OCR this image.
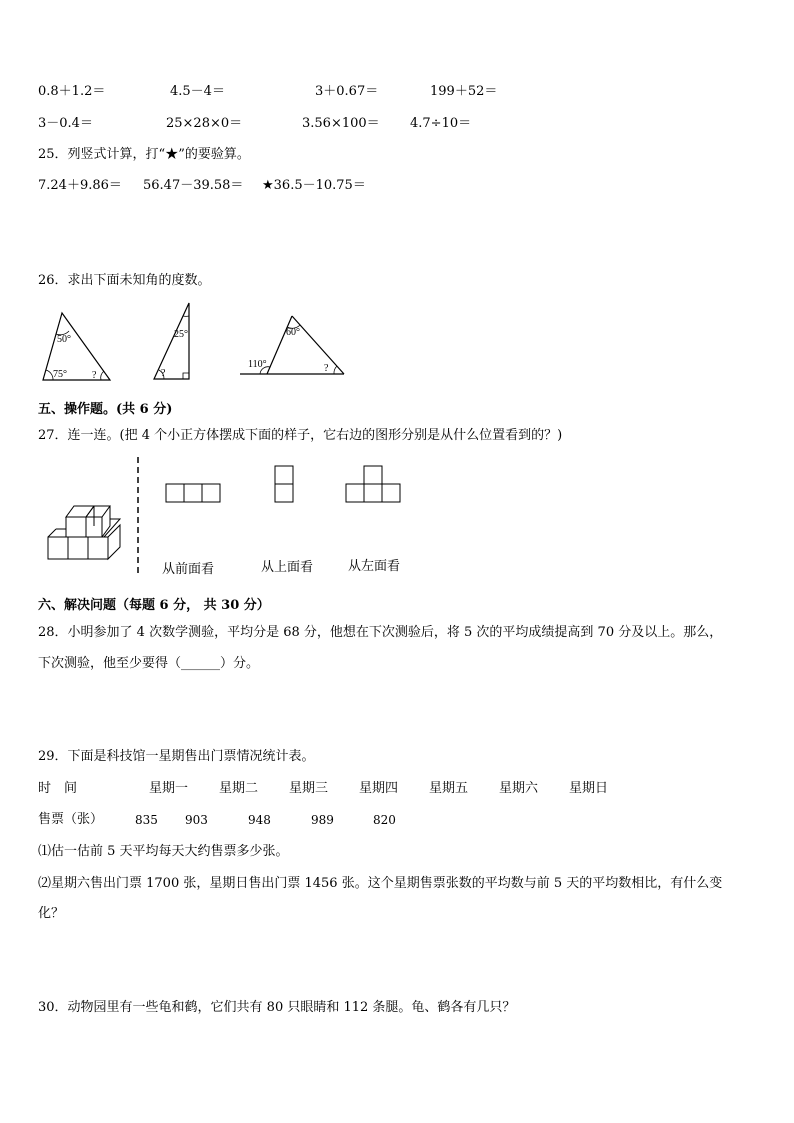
0.8＋1.2＝	4.5－4＝	3＋0.67＝	199＋52＝
3－0.4＝	25×28×0＝	3.56×100＝ 4.7÷10＝
25．列竖式计算，打“★”的要验算。
7.24＋9.86＝ 56.47－39.58＝ ★36.5－10.75＝
26．求出下面未知角的度数。
50°
75°	?
25°
?
60°
110°	?
五、操作题。(共 6 分)
27．连一连。(把 4 个小正方体摆成下面的样子，它右边的图形分别是从什么位置看到的？)
从前面看	从上面看	从左面看
六、解决问题（每题 6 分， 共 30 分）
28．小明参加了 4 次数学测验，平均分是 68 分，他想在下次测验后，将 5 次的平均成绩提高到 70 分及以上。那么，
下次测验，他至少要得（______）分。
29．下面是科技馆一星期售出门票情况统计表。
时　间	星期一 星期二 星期三 星期四 星期五 星期六 星期日
售票（张）	835 903	948	989	820
⑴估一估前 5 天平均每天大约售票多少张。
⑵星期六售出门票 1700 张，星期日售出门票 1456 张。这个星期售票张数的平均数与前 5 天的平均数相比，有什么变
化？
30．动物园里有一些龟和鹤，它们共有 80 只眼睛和 112 条腿。龟、鹤各有几只？
